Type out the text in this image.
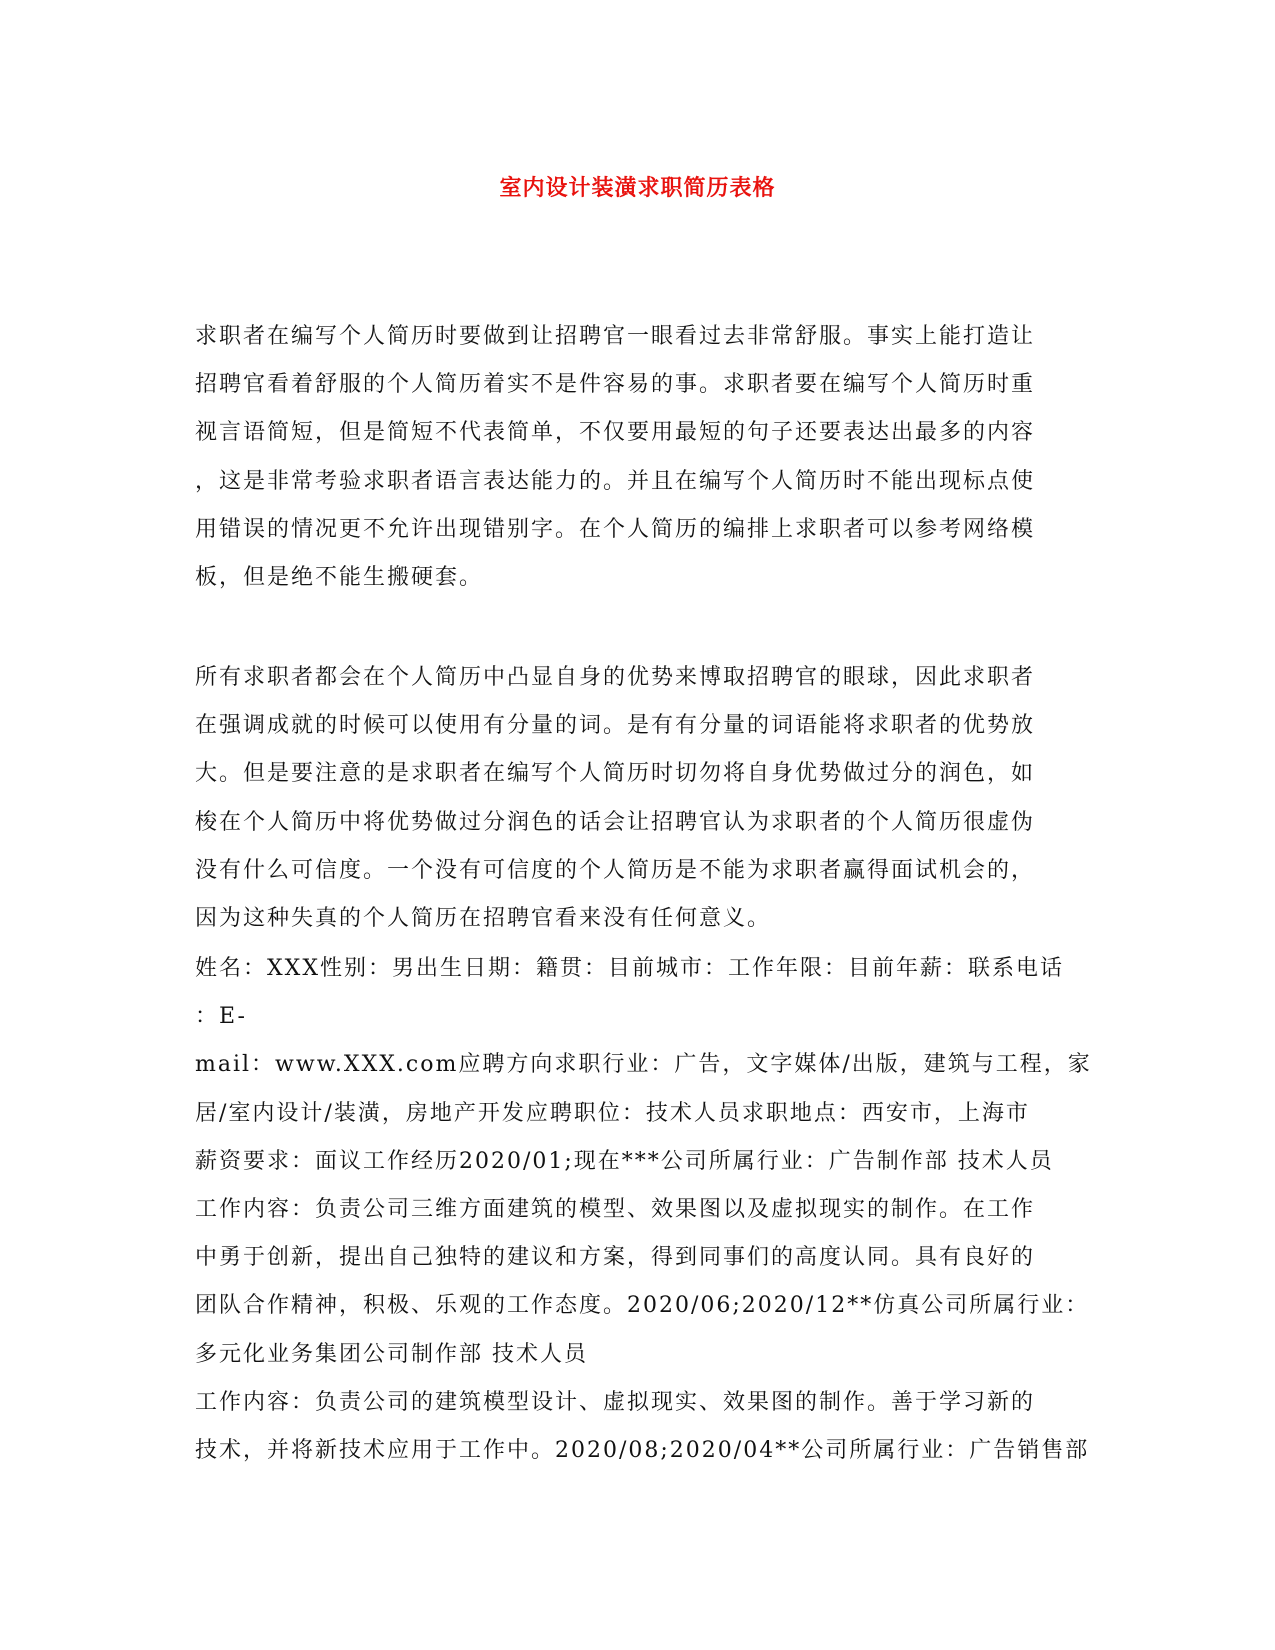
室内设计装潢求职简历表格
求职者在编写个人简历时要做到让招聘官一眼看过去非常舒服。事实上能打造让
招聘官看着舒服的个人简历着实不是件容易的事。求职者要在编写个人简历时重
视言语简短，但是简短不代表简单，不仅要用最短的句子还要表达出最多的内容
，这是非常考验求职者语言表达能力的。并且在编写个人简历时不能出现标点使
用错误的情况更不允许出现错别字。在个人简历的编排上求职者可以参考网络模
板，但是绝不能生搬硬套。
所有求职者都会在个人简历中凸显自身的优势来博取招聘官的眼球，因此求职者
在强调成就的时候可以使用有分量的词。是有有分量的词语能将求职者的优势放
大。但是要注意的是求职者在编写个人简历时切勿将自身优势做过分的润色，如
梭在个人简历中将优势做过分润色的话会让招聘官认为求职者的个人简历很虚伪
没有什么可信度。一个没有可信度的个人简历是不能为求职者赢得面试机会的，
因为这种失真的个人简历在招聘官看来没有任何意义。
姓名：XXX性别：男出生日期：籍贯：目前城市：工作年限：目前年薪：联系电话
：E-
mail：www.XXX.com应聘方向求职行业：广告，文字媒体/出版，建筑与工程，家
居/室内设计/装潢，房地产开发应聘职位：技术人员求职地点：西安市，上海市
薪资要求：面议工作经历2020/01;现在***公司所属行业：广告制作部 技术人员
工作内容：负责公司三维方面建筑的模型、效果图以及虚拟现实的制作。在工作
中勇于创新，提出自己独特的建议和方案，得到同事们的高度认同。具有良好的
团队合作精神，积极、乐观的工作态度。2020/06;2020/12**仿真公司所属行业：
多元化业务集团公司制作部 技术人员
工作内容：负责公司的建筑模型设计、虚拟现实、效果图的制作。善于学习新的
技术，并将新技术应用于工作中。2020/08;2020/04**公司所属行业：广告销售部
